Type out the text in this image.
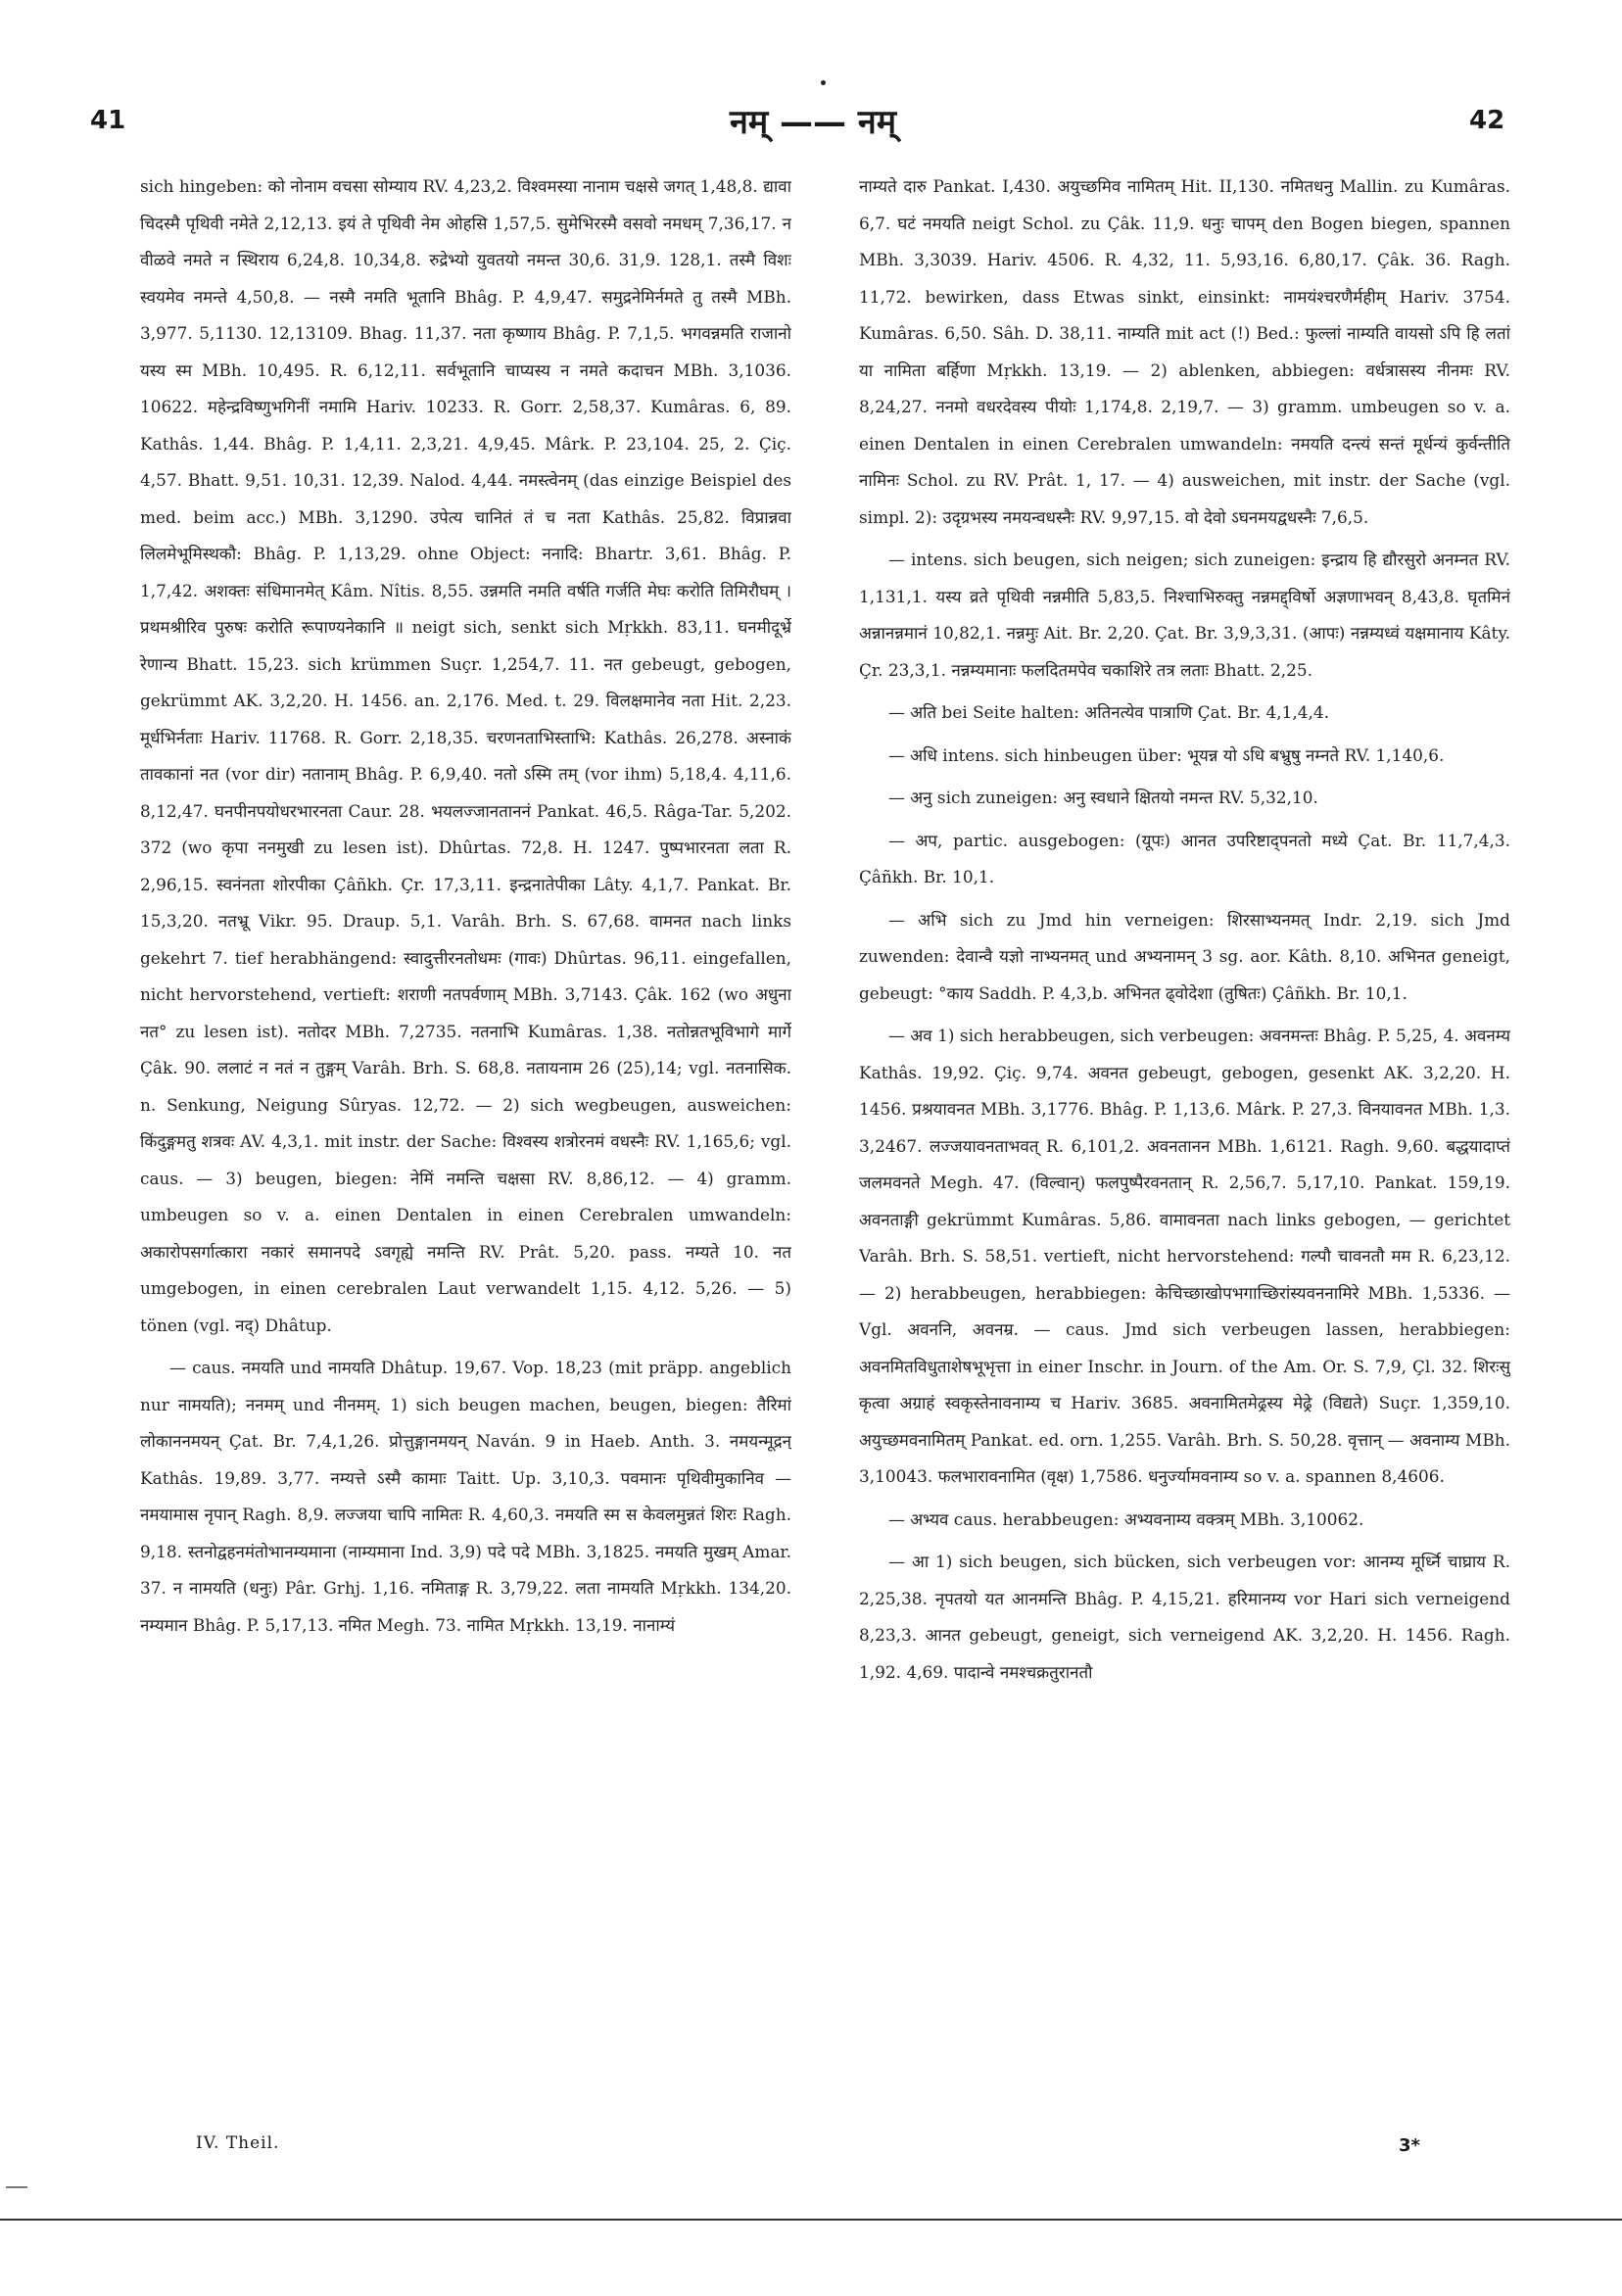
41	नम् —— नम्	42

sich hingeben: को नोनाम वचसा सोम्याय RV. 4,23,2. विश्वमस्या नानाम चक्षसे जगत् 1,48,8. द्यावा चिदस्मै पृथिवी नमेते 2,12,13. इयं ते पृथिवी नेम ओहसि 1,57,5. सुमेभिरस्मै वसवो नमधम् 7,36,17. न वीळवे नमते न स्थिराय 6,24,8. 10,34,8. रुद्रेभ्यो युवतयो नमन्त 30,6. 31,9. 128,1. तस्मै विशः स्वयमेव नमन्ते 4,50,8. — नस्मै नमति भूतानि Bhâg. P. 4,9,47. समुद्रनेमिर्नमते तु तस्मै MBh. 3,977. 5,1130. 12,13109. Bhag. 11,37. नता कृष्णाय Bhâg. P. 7,1,5. भगवन्नमति राजानो यस्य स्म MBh. 10,495. R. 6,12,11. सर्वभूतानि चाप्यस्य न नमते कदाचन MBh. 3,1036. 10622. महेन्द्रविष्णुभगिनीं नमामि Hariv. 10233. R. Gorr. 2,58,37. Kumâras. 6, 89. Kathâs. 1,44. Bhâg. P. 1,4,11. 2,3,21. 4,9,45. Mârk. P. 23,104. 25, 2. Çiç. 4,57. Bhatt. 9,51. 10,31. 12,39. Nalod. 4,44. नमस्त्वेनम् (das einzige Beispiel des med. beim acc.) MBh. 3,1290. उपेत्य चानितं तं च नता Kathâs. 25,82. विप्रान्नवा लिलमेभूमिस्थकौ: Bhâg. P. 1,13,29. ohne Object: ननादि: Bhartr. 3,61. Bhâg. P. 1,7,42. अशक्तः संधिमानमेत् Kâm. Nîtis. 8,55. उन्नमति नमति वर्षति गर्जति मेघः करोति तिमिरौघम् । प्रथमश्रीरिव पुरुषः करोति रूपाण्यनेकानि ॥ neigt sich, senkt sich Mṛkkh. 83,11. घनमीदूर्भ्रे रेणान्य Bhatt. 15,23. sich krümmen Suçr. 1,254,7. 11. नत gebeugt, gebogen, gekrümmt AK. 3,2,20. H. 1456. an. 2,176. Med. t. 29. विलक्षमानेव नता Hit. 2,23. मूर्धभिर्नताः Hariv. 11768. R. Gorr. 2,18,35. चरणनताभिस्ताभि: Kathâs. 26,278. अस्नाकं तावकानां नत (vor dir) नतानाम् Bhâg. P. 6,9,40. नतो ऽस्मि तम् (vor ihm) 5,18,4. 4,11,6. 8,12,47. घनपीनपयोधरभारनता Caur. 28. भयलज्जानताननं Pankat. 46,5. Râga-Tar. 5,202. 372 (wo कृपा ननमुखी zu lesen ist). Dhûrtas. 72,8. H. 1247. पुष्पभारनता लता R. 2,96,15. स्वनंनता शोरपीका Çâñkh. Çr. 17,3,11. इन्द्रनातेपीका Lâty. 4,1,7. Pankat. Br. 15,3,20. नतभ्रू Vikr. 95. Draup. 5,1. Varâh. Brh. S. 67,68. वामनत nach links gekehrt 7. tief herabhängend: स्वादुत्तीरनतोधमः (गावः) Dhûrtas. 96,11. eingefallen, nicht hervorstehend, vertieft: शराणी नतपर्वणाम् MBh. 3,7143. Çâk. 162 (wo अधुना नत° zu lesen ist). नतोदर MBh. 7,2735. नतनाभि Kumâras. 1,38. नतोन्नतभूविभागे मार्गे Çâk. 90. ललाटं न नतं न तुङ्गम् Varâh. Brh. S. 68,8. नतायनाम 26 (25),14; vgl. नतनासिक. n. Senkung, Neigung Sûryas. 12,72. — 2) sich wegbeugen, ausweichen: किंदुङ्गमतु शत्रवः AV. 4,3,1. mit instr. der Sache: विश्वस्य शत्रोरनमं वधस्नैः RV. 1,165,6; vgl. caus. — 3) beugen, biegen: नेमिं नमन्ति चक्षसा RV. 8,86,12. — 4) gramm. umbeugen so v. a. einen Dentalen in einen Cerebralen umwandeln: अकारोपसर्गात्कारा नकारं समानपदे ऽवगृह्ये नमन्ति RV. Prât. 5,20. pass. नम्यते 10. नत umgebogen, in einen cerebralen Laut verwandelt 1,15. 4,12. 5,26. — 5) tönen (vgl. नद्) Dhâtup.

— caus. नमयति und नामयति Dhâtup. 19,67. Vop. 18,23 (mit präpp. angeblich nur नामयति); ननमम् und नीनमम्. 1) sich beugen machen, beugen, biegen: तैरिमां लोकाननमयन् Çat. Br. 7,4,1,26. प्रोत्तुङ्गानमयन् Naván. 9 in Haeb. Anth. 3. नमयन्मूद्रन् Kathâs. 19,89. 3,77. नम्यत्ते ऽस्मै कामाः Taitt. Up. 3,10,3. पवमानः पृथिवीमुकानिव — नमयामास नृपान् Ragh. 8,9. लज्जया चापि नामितः R. 4,60,3. नमयति स्म स केवलमुन्नतं शिरः Ragh. 9,18. स्तनोद्वहनमंतोभानम्यमाना (नाम्यमाना Ind. 3,9) पदे पदे MBh. 3,1825. नमयति मुखम् Amar. 37. न नामयति (धनुः) Pâr. Grhj. 1,16. नमिताङ्ग R. 3,79,22. लता नामयति Mṛkkh. 134,20. नम्यमान Bhâg. P. 5,17,13. नमित Megh. 73. नामित Mṛkkh. 13,19. नानाम्यं

नाम्यते दारु Pankat. I,430. अयुच्छमिव नामितम् Hit. II,130. नमितधनु Mallin. zu Kumâras. 6,7. घटं नमयति neigt Schol. zu Çâk. 11,9. धनुः चापम् den Bogen biegen, spannen MBh. 3,3039. Hariv. 4506. R. 4,32, 11. 5,93,16. 6,80,17. Çâk. 36. Ragh. 11,72. bewirken, dass Etwas sinkt, einsinkt: नामयंश्चरणैर्महीम् Hariv. 3754. Kumâras. 6,50. Sâh. D. 38,11. नाम्यति mit act (!) Bed.: फुल्लां नाम्यति वायसो ऽपि हि लतां या नामिता बर्हिणा Mṛkkh. 13,19. — 2) ablenken, abbiegen: वर्धत्रासस्य नीनमः RV. 8,24,27. ननमो वधरदेवस्य पीयोः 1,174,8. 2,19,7. — 3) gramm. umbeugen so v. a. einen Dentalen in einen Cerebralen umwandeln: नमयति दन्त्यं सन्तं मूर्धन्यं कुर्वन्तीति नामिनः Schol. zu RV. Prât. 1, 17. — 4) ausweichen, mit instr. der Sache (vgl. simpl. 2): उदृग्रभस्य नमयन्वधस्नैः RV. 9,97,15. वो देवो ऽघनमयद्वधस्नैः 7,6,5.

— intens. sich beugen, sich neigen; sich zuneigen: इन्द्राय हि द्यौरसुरो अनम्नत RV. 1,131,1. यस्य व्रते पृथिवी नन्नमीति 5,83,5. निश्चाभिरुक्तु नन्नमद्द्विर्षो अज्ञणाभवन् 8,43,8. घृतमिनं अन्नानन्नमानं 10,82,1. नन्नमुः Ait. Br. 2,20. Çat. Br. 3,9,3,31. (आपः) नन्नम्यध्वं यक्षमानाय Kâty. Çr. 23,3,1. नन्नम्यमानाः फलदितमपेव चकाशिरे तत्र लताः Bhatt. 2,25.

— अति bei Seite halten: अतिनत्येव पात्राणि Çat. Br. 4,1,4,4.

— अधि intens. sich hinbeugen über: भूयन्न यो ऽधि बभ्रुषु नम्नते RV. 1,140,6.

— अनु sich zuneigen: अनु स्वधाने क्षितयो नमन्त RV. 5,32,10.

— अप, partic. ausgebogen: (यूपः) आनत उपरिष्टाद्पनतो मध्ये Çat. Br. 11,7,4,3. Çâñkh. Br. 10,1.

— अभि sich zu Jmd hin verneigen: शिरसाभ्यनमत् Indr. 2,19. sich Jmd zuwenden: देवान्वै यज्ञो नाभ्यनमत् und अभ्यनामन् 3 sg. aor. Kâth. 8,10. अभिनत geneigt, gebeugt: °काय Saddh. P. 4,3,b. अभिनत ढ्वोदेशा (तुषितः) Çâñkh. Br. 10,1.

— अव 1) sich herabbeugen, sich verbeugen: अवनमन्तः Bhâg. P. 5,25, 4. अवनम्य Kathâs. 19,92. Çiç. 9,74. अवनत gebeugt, gebogen, gesenkt AK. 3,2,20. H. 1456. प्रश्रयावनत MBh. 3,1776. Bhâg. P. 1,13,6. Mârk. P. 27,3. विनयावनत MBh. 1,3. 3,2467. लज्जयावनताभवत् R. 6,101,2. अवनतानन MBh. 1,6121. Ragh. 9,60. बद्धयादाप्तं जलमवनते Megh. 47. (विल्वान्) फलपुष्पैरवनतान् R. 2,56,7. 5,17,10. Pankat. 159,19. अवनताङ्गी gekrümmt Kumâras. 5,86. वामावनता nach links gebogen, — gerichtet Varâh. Brh. S. 58,51. vertieft, nicht hervorstehend: गल्पौ चावनतौ मम R. 6,23,12. — 2) herabbeugen, herabbiegen: केचिच्छाखोपभगाच्छिरांस्यवननामिरे MBh. 1,5336. — Vgl. अवननि, अवनम्र. — caus. Jmd sich verbeugen lassen, herabbiegen: अवनमितविधुताशेषभूभृत्ता in einer Inschr. in Journ. of the Am. Or. S. 7,9, Çl. 32. शिरःसु कृत्वा अग्राहं स्वकृस्तेनावनाम्य च Hariv. 3685. अवनामितमेढ्रस्य मेढ्रे (विद्यते) Suçr. 1,359,10. अयुच्छमवनामितम् Pankat. ed. orn. 1,255. Varâh. Brh. S. 50,28. वृत्तान् — अवनाम्य MBh. 3,10043. फलभारावनामित (वृक्ष) 1,7586. धनुर्ज्यामवनाम्य so v. a. spannen 8,4606.

— अभ्यव caus. herabbeugen: अभ्यवनाम्य वक्त्रम् MBh. 3,10062.

— आ 1) sich beugen, sich bücken, sich verbeugen vor: आनम्य मूर्ध्नि चाघ्राय R. 2,25,38. नृपतयो यत आनमन्ति Bhâg. P. 4,15,21. हरिमानम्य vor Hari sich verneigend 8,23,3. आनत gebeugt, geneigt, sich verneigend AK. 3,2,20. H. 1456. Ragh. 1,92. 4,69. पादान्वे नमश्चक्रतुरानतौ

IV. Theil.	3*
